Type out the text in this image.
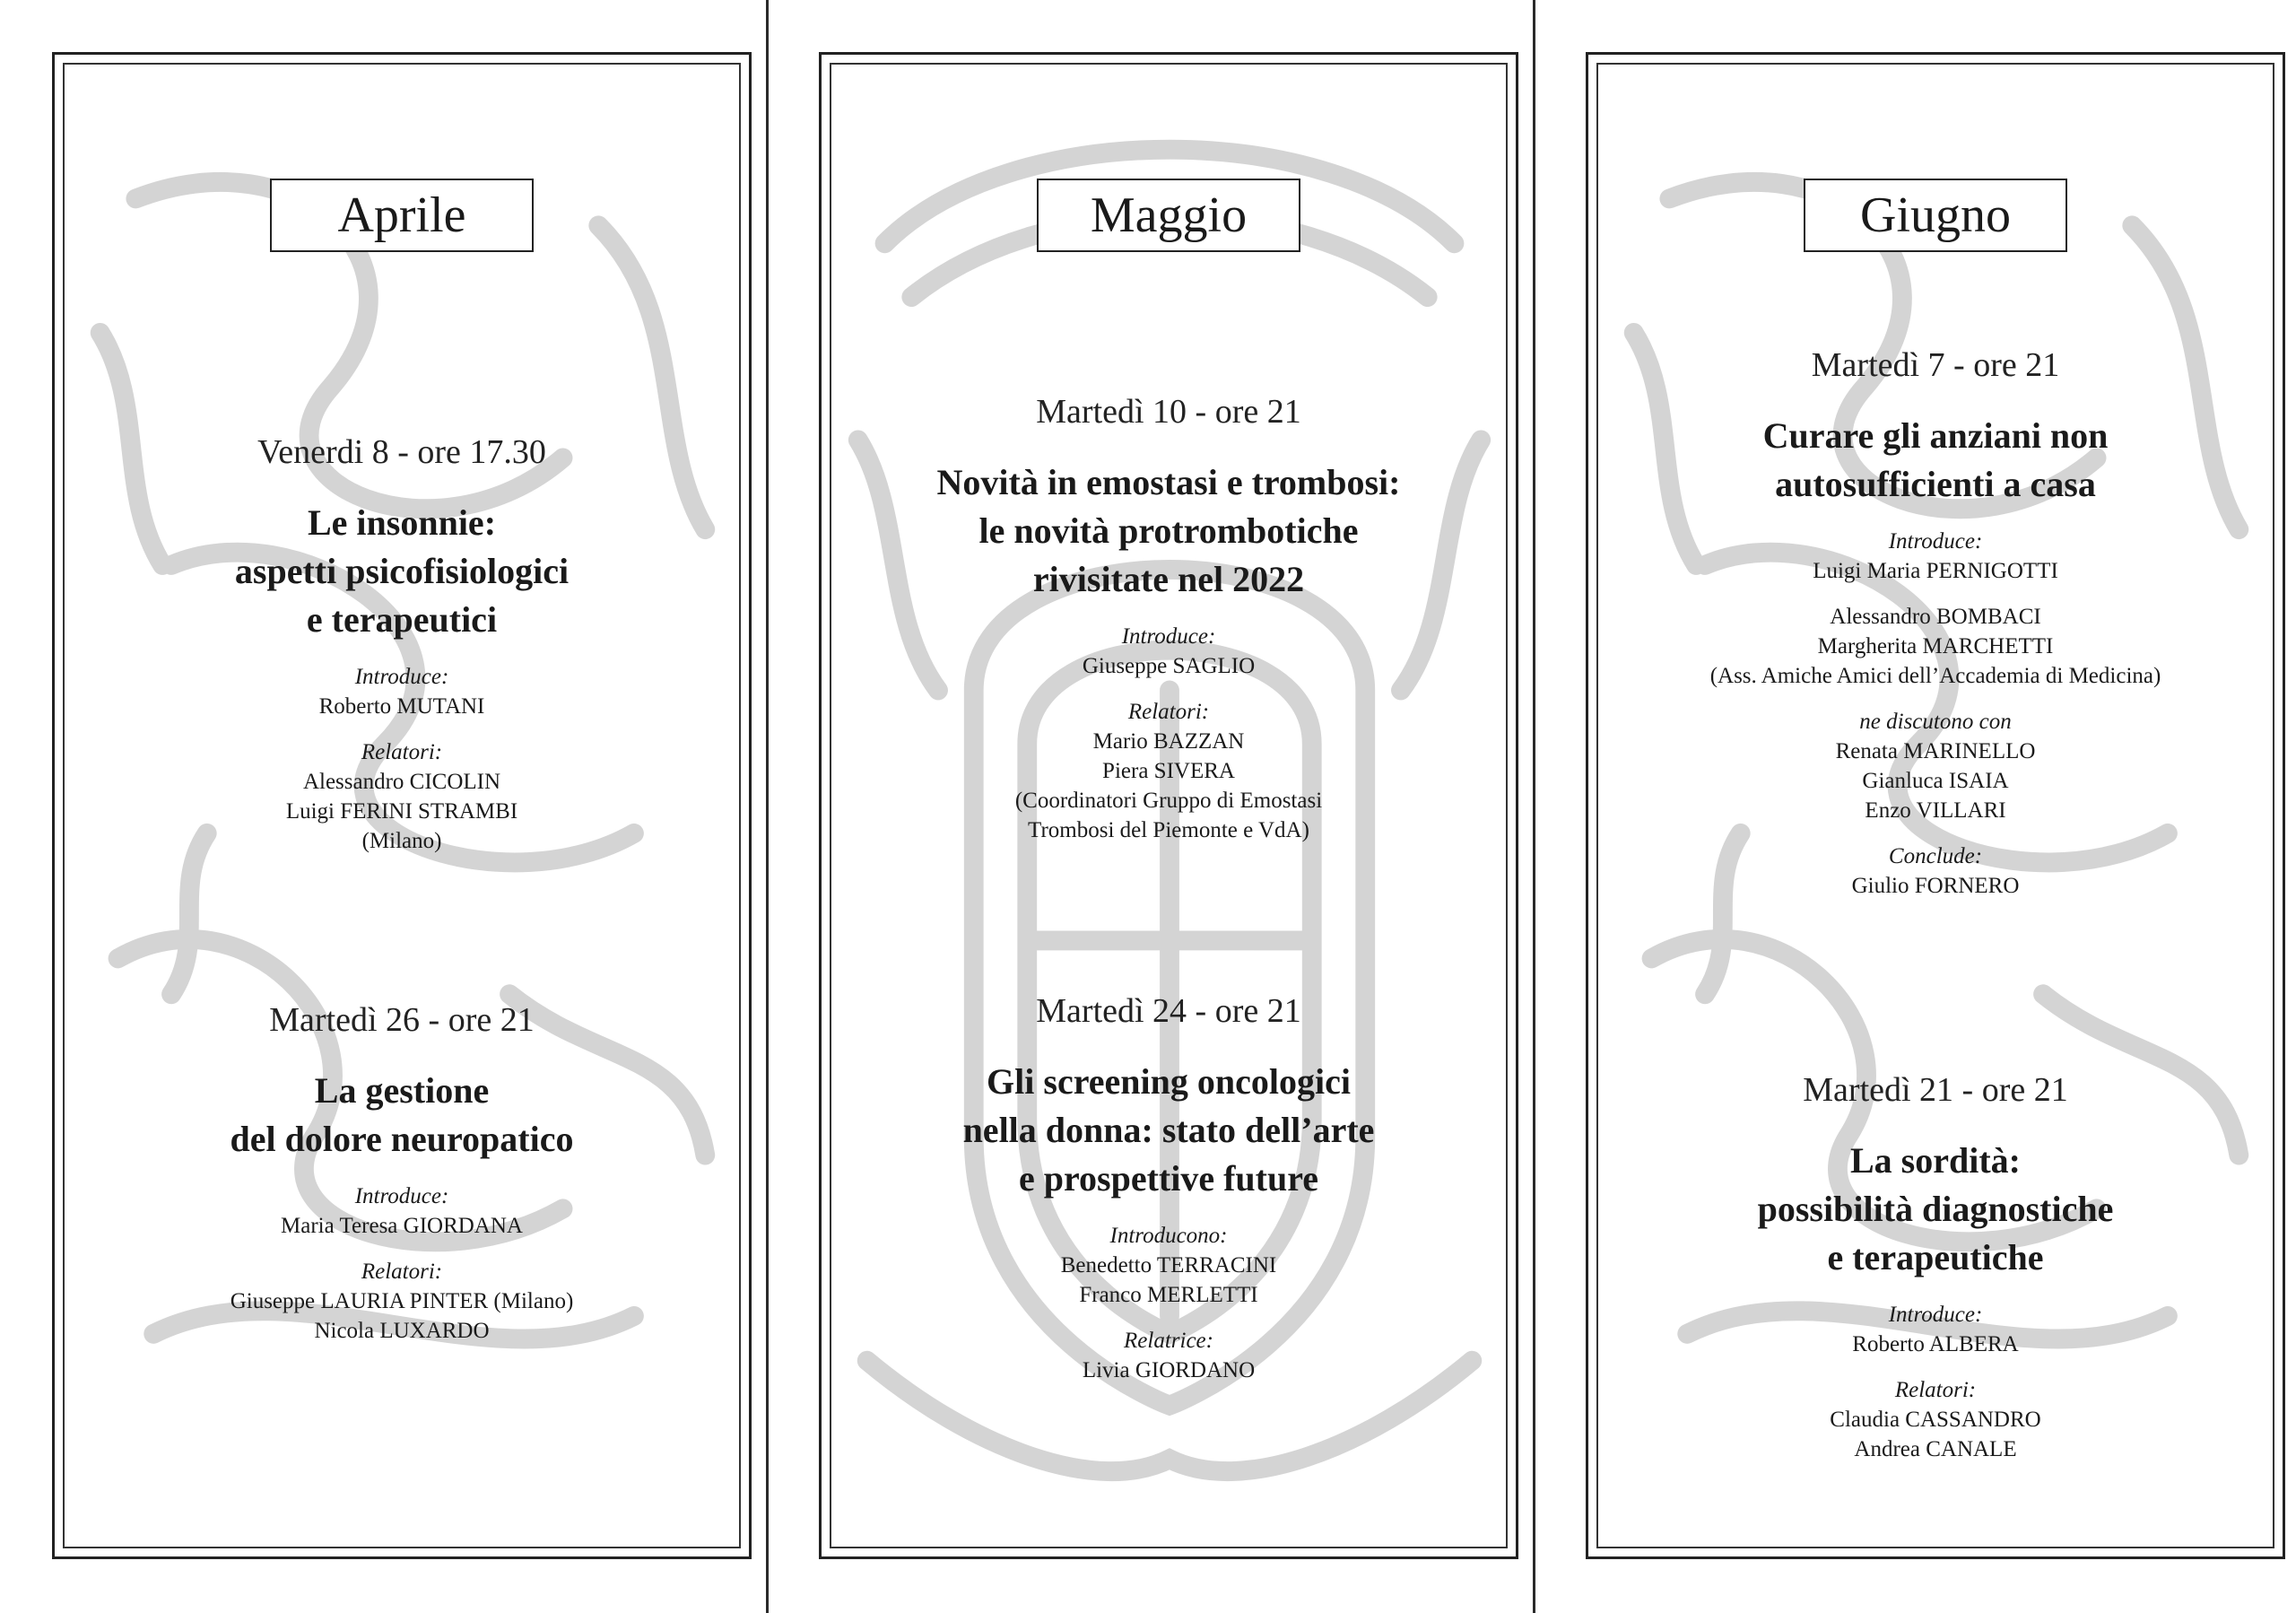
Aprile
Venerdi 8 - ore 17.30
Le insonnie:
aspetti psicofisiologici
e terapeutici
Introduce:
Roberto MUTANI
Relatori:
Alessandro CICOLIN
Luigi FERINI STRAMBI
(Milano)
Martedì 26 - ore 21
La gestione
del dolore neuropatico
Introduce:
Maria Teresa GIORDANA
Relatori:
Giuseppe LAURIA PINTER (Milano)
Nicola LUXARDO
Maggio
Martedì 10 - ore 21
Novità in emostasi e trombosi:
le novità protrombotiche
rivisitate nel 2022
Introduce:
Giuseppe SAGLIO
Relatori:
Mario BAZZAN
Piera SIVERA
(Coordinatori Gruppo di Emostasi
Trombosi del Piemonte e VdA)
Martedì 24 - ore 21
Gli screening oncologici
nella donna: stato dell’arte
e prospettive future
Introducono:
Benedetto TERRACINI
Franco MERLETTI
Relatrice:
Livia GIORDANO
Giugno
Martedì 7 - ore 21
Curare gli anziani non
autosufficienti a casa
Introduce:
Luigi Maria PERNIGOTTI
Alessandro BOMBACI
Margherita MARCHETTI
(Ass. Amiche Amici dell’Accademia di Medicina)
ne discutono con
Renata MARINELLO
Gianluca ISAIA
Enzo VILLARI
Conclude:
Giulio FORNERO
Martedì 21 - ore 21
La sordità:
possibilità diagnostiche
e terapeutiche
Introduce:
Roberto ALBERA
Relatori:
Claudia CASSANDRO
Andrea CANALE
